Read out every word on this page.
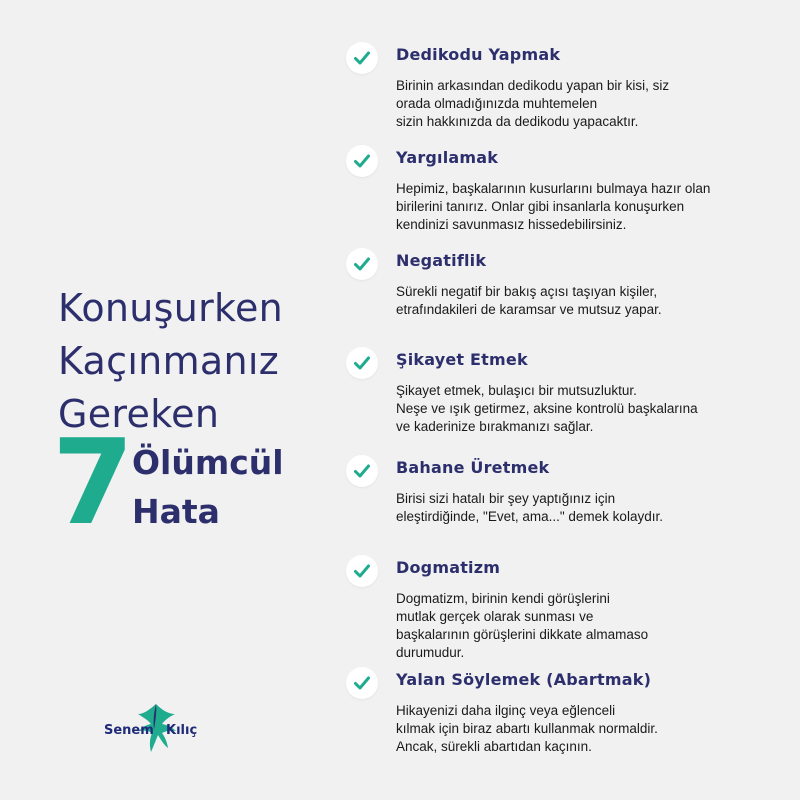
Konuşurken
Kaçınmanız
Gereken
7
Ölümcül
Hata
Senem Kılıç
Dedikodu Yapmak
Birinin arkasından dedikodu yapan bir kisi, siz
orada olmadığınızda muhtemelen
sizin hakkınızda da dedikodu yapacaktır.
Yargılamak
Hepimiz, başkalarının kusurlarını bulmaya hazır olan
birilerini tanırız. Onlar gibi insanlarla konuşurken
kendinizi savunmasız hissedebilirsiniz.
Negatiflik
Sürekli negatif bir bakış açısı taşıyan kişiler,
etrafındakileri de karamsar ve mutsuz yapar.
Şikayet Etmek
Şikayet etmek, bulaşıcı bir mutsuzluktur.
Neşe ve ışık getirmez, aksine kontrolü başkalarına
ve kaderinize bırakmanızı sağlar.
Bahane Üretmek
Birisi sizi hatalı bir şey yaptığınız için
eleştirdiğinde, "Evet, ama..." demek kolaydır.
Dogmatizm
Dogmatizm, birinin kendi görüşlerini
mutlak gerçek olarak sunması ve
başkalarının görüşlerini dikkate almamaso
durumudur.
Yalan Söylemek (Abartmak)
Hikayenizi daha ilginç veya eğlenceli
kılmak için biraz abartı kullanmak normaldir.
Ancak, sürekli abartıdan kaçının.
